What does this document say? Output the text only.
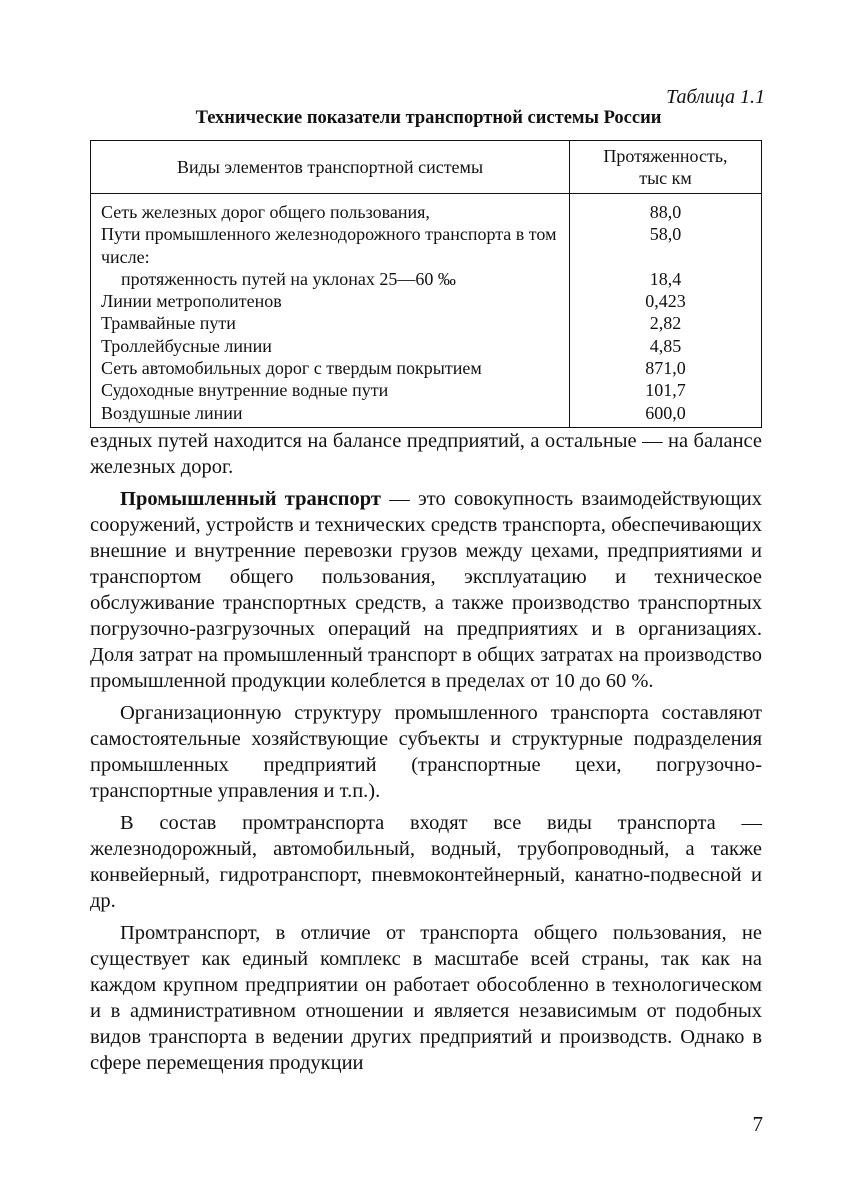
Таблица 1.1
Технические показатели транспортной системы России
Виды элементов транспортной системы	Протяженность, тыс км
Сеть железных дорог общего пользования,	88,0
Пути промышленного железнодорожного транспорта в том числе:	58,0
протяженность путей на уклонах 25—60 ‰	18,4
Линии метрополитенов	0,423
Трамвайные пути	2,82
Троллейбусные линии	4,85
Сеть автомобильных дорог с твердым покрытием	871,0
Судоходные внутренние водные пути	101,7
Воздушные линии	600,0

ездных путей находится на балансе предприятий, а остальные — на балансе железных дорог.

Промышленный транспорт — это совокупность взаимодействующих сооружений, устройств и технических средств транспорта, обеспечивающих внешние и внутренние перевозки грузов между цехами, предприятиями и транспортом общего пользования, эксплуатацию и техническое обслуживание транспортных средств, а также производство транспортных погрузочно-разгрузочных операций на предприятиях и в организациях. Доля затрат на промышленный транспорт в общих затратах на производство промышленной продукции колеблется в пределах от 10 до 60 %.

Организационную структуру промышленного транспорта составляют самостоятельные хозяйствующие субъекты и структурные подразделения промышленных предприятий (транспортные цехи, погрузочно-транспортные управления и т.п.).

В состав промтранспорта входят все виды транспорта — железнодорожный, автомобильный, водный, трубопроводный, а также конвейерный, гидротранспорт, пневмоконтейнерный, канатно-подвесной и др.

Промтранспорт, в отличие от транспорта общего пользования, не существует как единый комплекс в масштабе всей страны, так как на каждом крупном предприятии он работает обособленно в технологическом и в административном отношении и является независимым от подобных видов транспорта в ведении других предприятий и производств. Однако в сфере перемещения продукции

7
